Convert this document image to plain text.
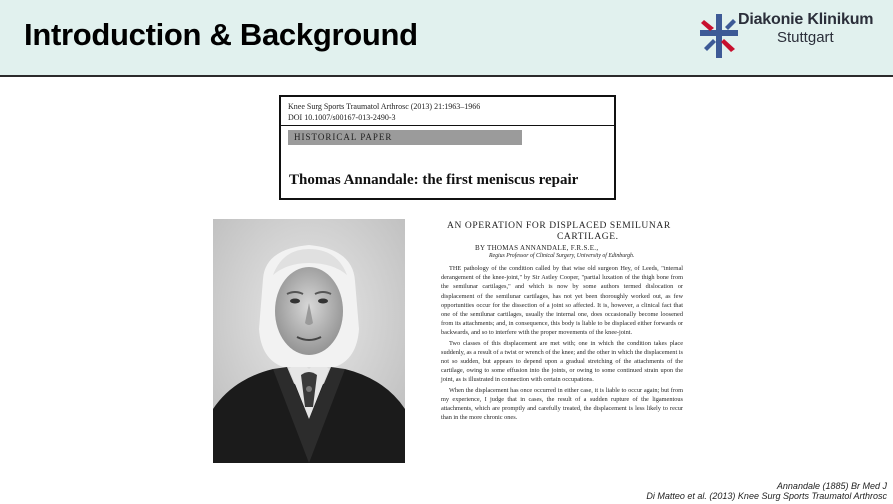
Introduction & Background	Diakonie Klinikum
Stuttgart
Knee Surg Sports Traumatol Arthrosc (2013) 21:1963–1966
DOI 10.1007/s00167-013-2490-3
HISTORICAL PAPER
Thomas Annandale: the first meniscus repair
AN OPERATION FOR DISPLACED SEMILUNAR
CARTILAGE.
BY THOMAS ANNANDALE, F.R.S.E.,
Regius Professor of Clinical Surgery, University of Edinburgh.

THE pathology of the condition called by that wise old surgeon Hey, of Leeds, "internal derangement of the knee-joint," by Sir Astley Cooper, "partial luxation of the thigh bone from the semilunar cartilages," and which is now by some authors termed dislocation or displacement of the semilunar cartilages, has not yet been thoroughly worked out, as few opportunities occur for the dissection of a joint so affected. It is, however, a clinical fact that one of the semilunar cartilages, usually the internal one, does occasionally become loosened from its attachments; and, in consequence, this body is liable to be displaced either forwards or backwards, and so to interfere with the proper movements of the knee-joint.

Two classes of this displacement are met with; one in which the condition takes place suddenly, as a result of a twist or wrench of the knee; and the other in which the displacement is not so sudden, but appears to depend upon a gradual stretching of the attachments of the cartilage, owing to some effusion into the joints, or owing to some continued strain upon the joint, as is illustrated in connection with certain occupations.

When the displacement has once occurred in either case, it is liable to occur again; but from my experience, I judge that in cases, the result of a sudden rupture of the ligamentous attachments, which are promptly and carefully treated, the displacement is less likely to recur than in the more chronic ones.

Annandale (1885) Br Med J
Di Matteo et al. (2013) Knee Surg Sports Traumatol Arthrosc
